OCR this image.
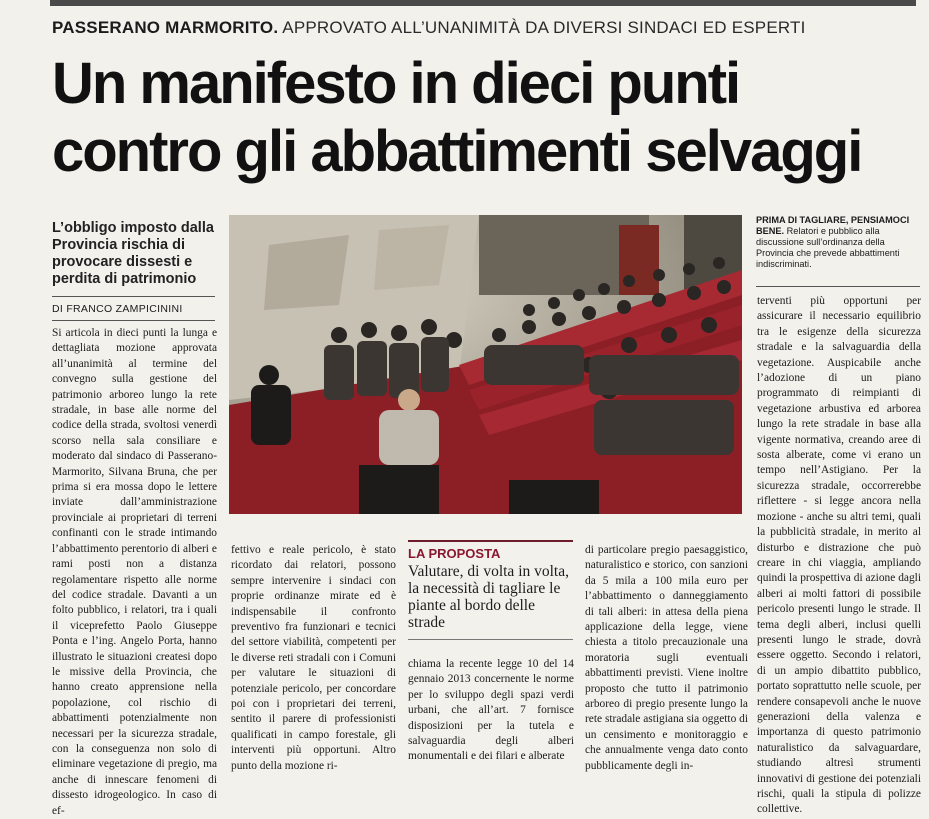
PASSERANO MARMORITO. APPROVATO ALL’UNANIMITÀ DA DIVERSI SINDACI ED ESPERTI
Un manifesto in dieci punti
contro gli abbattimenti selvaggi
L’obbligo imposto dalla Provincia rischia di provocare dissesti e perdita di patrimonio
DI FRANCO ZAMPICININI
Si articola in dieci punti la lunga e dettagliata mozione approvata all’unanimità al termine del convegno sulla gestione del patrimonio arboreo lungo la rete stradale, in base alle norme del codice della strada, svoltosi venerdì scorso nella sala consiliare e moderato dal sindaco di Passerano-Marmorito, Silvana Bruna, che per prima si era mossa dopo le lettere inviate dall’amministrazione provinciale ai proprietari di terreni confinanti con le strade intimando l’abbattimento perentorio di alberi e rami posti non a distanza regolamentare rispetto alle norme del codice stradale. Davanti a un folto pubblico, i relatori, tra i quali il viceprefetto Paolo Giuseppe Ponta e l’ing. Angelo Porta, hanno illustrato le situazioni createsi dopo le missive della Provincia, che hanno creato apprensione nella popolazione, col rischio di abbattimenti potenzialmente non necessari per la sicurezza stradale, con la conseguenza non solo di eliminare vegetazione di pregio, ma anche di innescare fenomeni di dissesto idrogeologico. In caso di ef-
PRIMA DI TAGLIARE, PENSIAMOCI BENE. Relatori e pubblico alla discussione sull’ordinanza della Provincia che prevede abbattimenti indiscriminati.
fettivo e reale pericolo, è stato ricordato dai relatori, possono sempre intervenire i sindaci con proprie ordinanze mirate ed è indispensabile il confronto preventivo fra funzionari e tecnici del settore viabilità, competenti per le diverse reti stradali con i Comuni per valutare le situazioni di potenziale pericolo, per concordare poi con i proprietari dei terreni, sentito il parere di professionisti qualificati in campo forestale, gli interventi più opportuni. Altro punto della mozione ri-
LA PROPOSTA
Valutare, di volta in volta, la necessità di tagliare le piante al bordo delle strade
chiama la recente legge 10 del 14 gennaio 2013 concernente le norme per lo sviluppo degli spazi verdi urbani, che all’art. 7 fornisce disposizioni per la tutela e salvaguardia degli alberi monumentali e dei filari e alberate
di particolare pregio paesaggistico, naturalistico e storico, con sanzioni da 5 mila a 100 mila euro per l’abbattimento o danneggiamento di tali alberi: in attesa della piena applicazione della legge, viene chiesta a titolo precauzionale una moratoria sugli eventuali abbattimenti previsti. Viene inoltre proposto che tutto il patrimonio arboreo di pregio presente lungo la rete stradale astigiana sia oggetto di un censimento e monitoraggio e che annualmente venga dato conto pubblicamente degli in-
terventi più opportuni per assicurare il necessario equilibrio tra le esigenze della sicurezza stradale e la salvaguardia della vegetazione. Auspicabile anche l’adozione di un piano programmato di reimpianti di vegetazione arbustiva ed arborea lungo la rete stradale in base alla vigente normativa, creando aree di sosta alberate, come vi erano un tempo nell’Astigiano. Per la sicurezza stradale, occorrerebbe riflettere - si legge ancora nella mozione - anche su altri temi, quali la pubblicità stradale, in merito al disturbo e distrazione che può creare in chi viaggia, ampliando quindi la prospettiva di azione dagli alberi ai molti fattori di possibile pericolo presenti lungo le strade. Il tema degli alberi, inclusi quelli presenti lungo le strade, dovrà essere oggetto. Secondo i relatori, di un ampio dibattito pubblico, portato soprattutto nelle scuole, per rendere consapevoli anche le nuove generazioni della valenza e importanza di questo patrimonio naturalistico da salvaguardare, studiando altresì strumenti innovativi di gestione dei potenziali rischi, quali la stipula di polizze collettive.
